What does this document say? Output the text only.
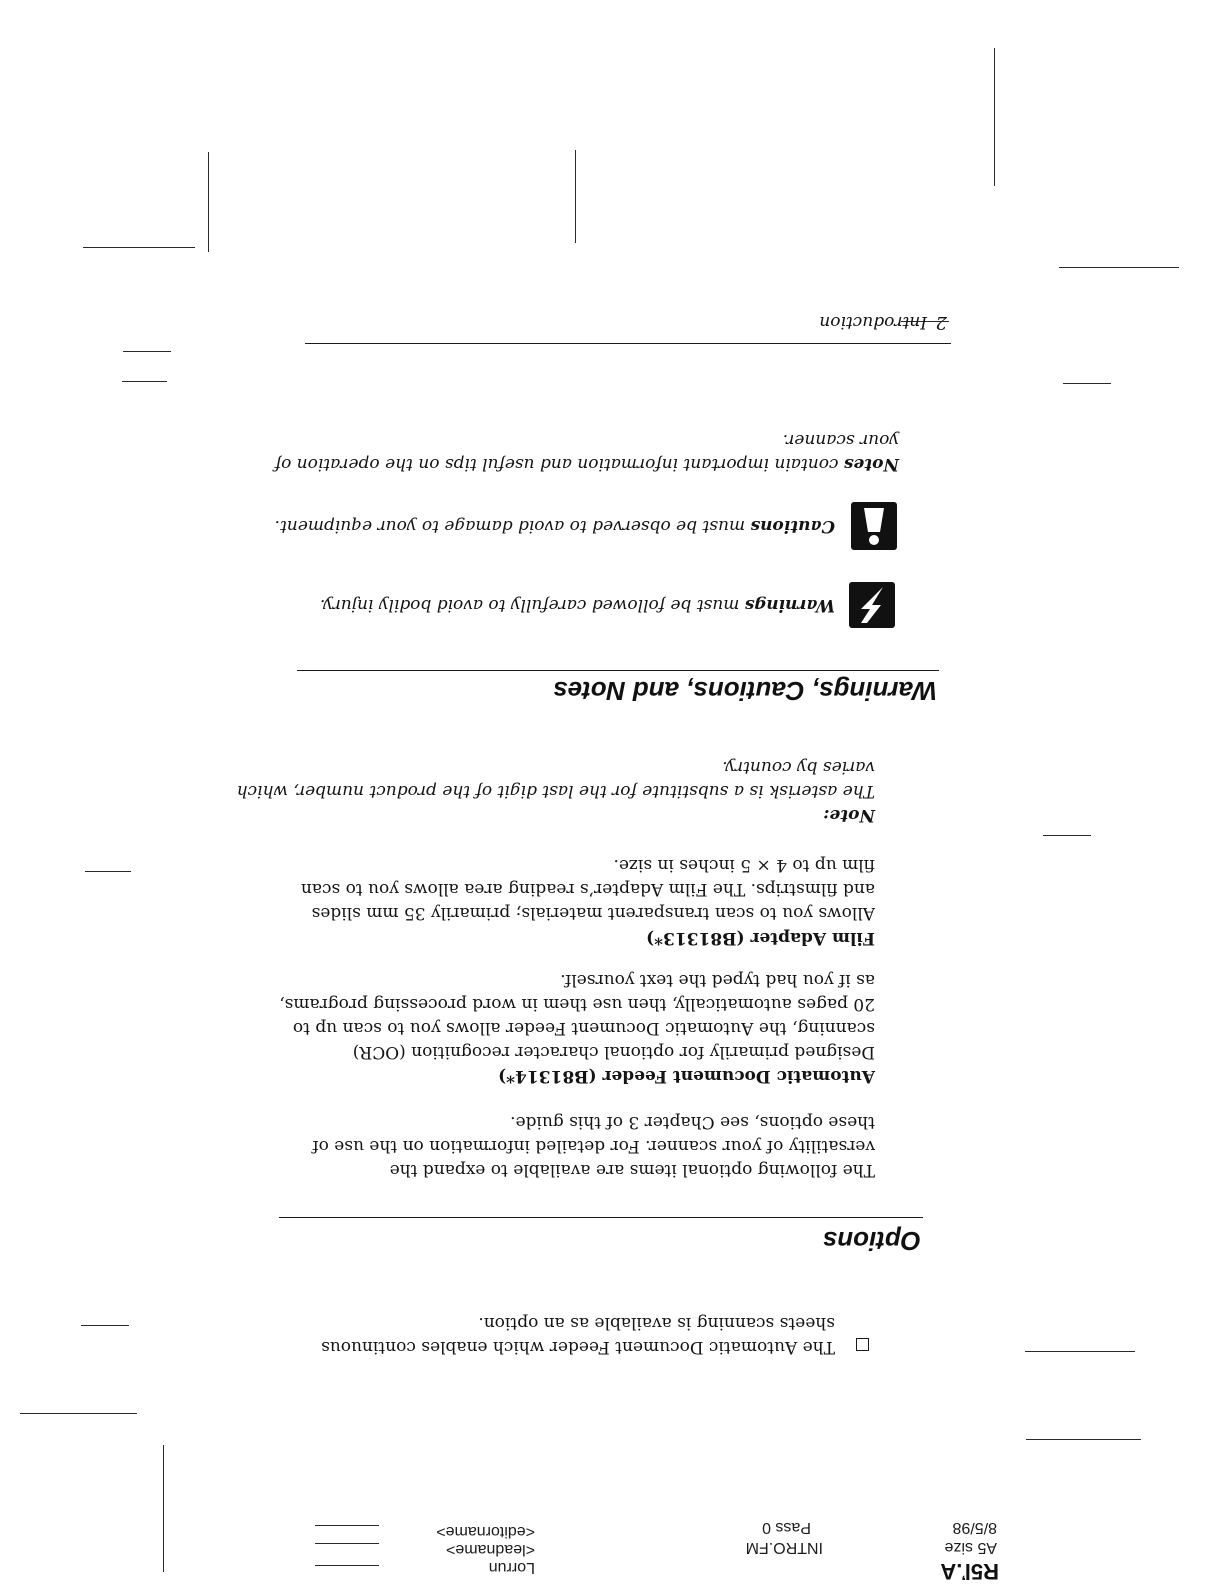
R5ľ.A
A5 size
8/5/98
INTRO.FM
Pass 0
Lorrun
<leadname>
<editorname>
The Automatic Document Feeder which enables continuous
sheets scanning is available as an option.
Options
The following optional items are available to expand the
versatility of your scanner. For detailed information on the use of
these options, see Chapter 3 of this guide.
Automatic Document Feeder (B81314*)
Designed primarily for optional character recognition (OCR)
scanning, the Automatic Document Feeder allows you to scan up to
20 pages automatically, then use them in word processing programs,
as if you had typed the text yourself.
Film Adapter (B81313*)
Allows you to scan transparent materials; primarily 35 mm slides
and filmstrips. The Film Adapter’s reading area allows you to scan
film up to 4 × 5 inches in size.
Note:
The asterisk is a substitute for the last digit of the product number, which
varies by country.
Warnings, Cautions, and Notes
Warnings must be followed carefully to avoid bodily injury.
Cautions must be observed to avoid damage to your equipment.
Notes contain important information and useful tips on the operation of
your scanner.
2
Introduction
